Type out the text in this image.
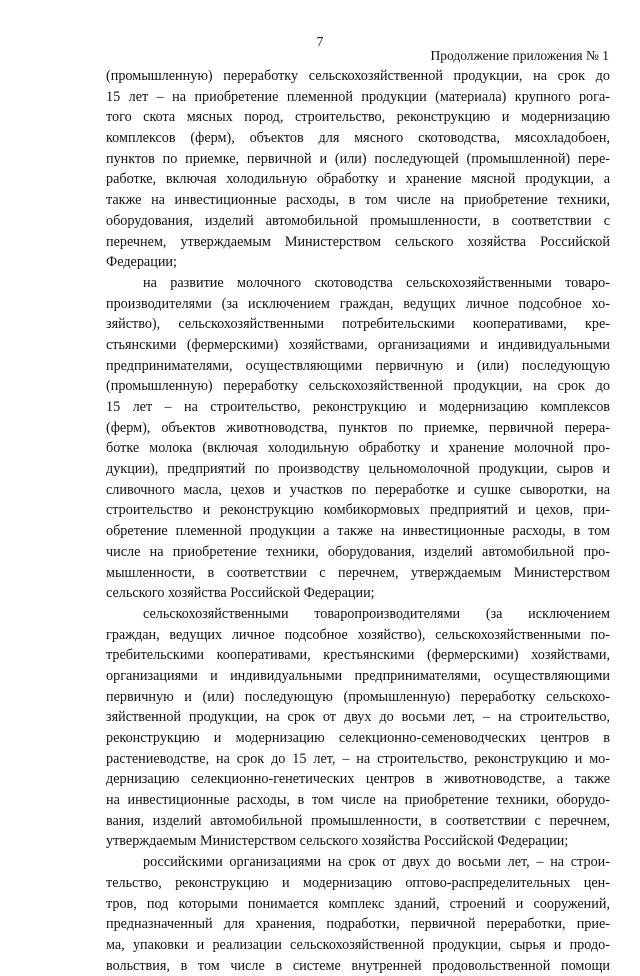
7
Продолжение приложения № 1
(промышленную) переработку сельскохозяйственной продукции, на срок до
15 лет – на приобретение племенной продукции (материала) крупного рога-
того скота мясных пород, строительство, реконструкцию и модернизацию
комплексов (ферм), объектов для мясного скотоводства, мясохладобоен,
пунктов по приемке, первичной и (или) последующей (промышленной) пере-
работке, включая холодильную обработку и хранение мясной продукции, а
также на инвестиционные расходы, в том числе на приобретение техники,
оборудования, изделий автомобильной промышленности, в соответствии с
перечнем, утверждаемым Министерством сельского хозяйства Российской
Федерации;
на развитие молочного скотоводства сельскохозяйственными товаро-
производителями (за исключением граждан, ведущих личное подсобное хо-
зяйство), сельскохозяйственными потребительскими кооперативами, кре-
стьянскими (фермерскими) хозяйствами, организациями и индивидуальными
предпринимателями, осуществляющими первичную и (или) последующую
(промышленную) переработку сельскохозяйственной продукции, на срок до
15 лет – на строительство, реконструкцию и модернизацию комплексов
(ферм), объектов животноводства, пунктов по приемке, первичной перера-
ботке молока (включая холодильную обработку и хранение молочной про-
дукции), предприятий по производству цельномолочной продукции, сыров и
сливочного масла, цехов и участков по переработке и сушке сыворотки, на
строительство и реконструкцию комбикормовых предприятий и цехов, при-
обретение племенной продукции а также на инвестиционные расходы, в том
числе на приобретение техники, оборудования, изделий автомобильной про-
мышленности, в соответствии с перечнем, утверждаемым Министерством
сельского хозяйства Российской Федерации;
сельскохозяйственными товаропроизводителями (за исключением
граждан, ведущих личное подсобное хозяйство), сельскохозяйственными по-
требительскими кооперативами, крестьянскими (фермерскими) хозяйствами,
организациями и индивидуальными предпринимателями, осуществляющими
первичную и (или) последующую (промышленную) переработку сельскохо-
зяйственной продукции, на срок от двух до восьми лет, – на строительство,
реконструкцию и модернизацию селекционно-семеноводческих центров в
растениеводстве, на срок до 15 лет, – на строительство, реконструкцию и мо-
дернизацию селекционно-генетических центров в животноводстве, а также
на инвестиционные расходы, в том числе на приобретение техники, оборудо-
вания, изделий автомобильной промышленности, в соответствии с перечнем,
утверждаемым Министерством сельского хозяйства Российской Федерации;
российскими организациями на срок от двух до восьми лет, – на строи-
тельство, реконструкцию и модернизацию оптово-распределительных цен-
тров, под которыми понимается комплекс зданий, строений и сооружений,
предназначенный для хранения, подработки, первичной переработки, прие-
ма, упаковки и реализации сельскохозяйственной продукции, сырья и продо-
вольствия, в том числе в системе внутренней продовольственной помощи
